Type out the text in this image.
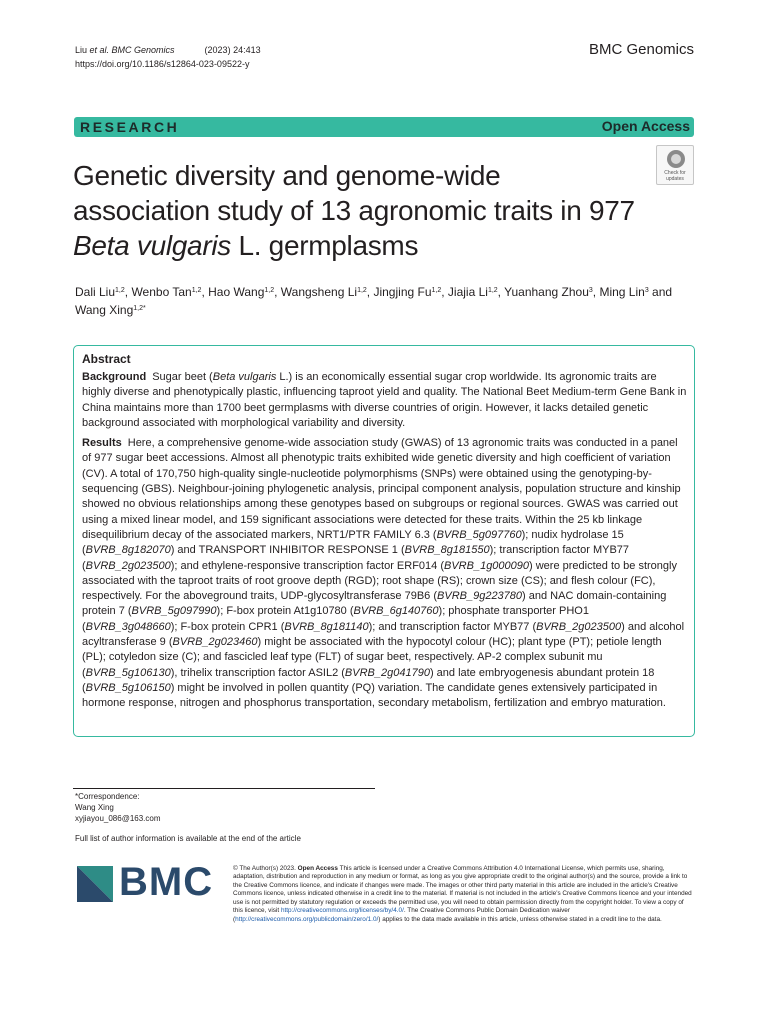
Liu et al. BMC Genomics	(2023) 24:413
https://doi.org/10.1186/s12864-023-09522-y
BMC Genomics
RESEARCH	Open Access
Check for
updates
Genetic diversity and genome-wide
association study of 13 agronomic traits in 977
Beta vulgaris L. germplasms
Dali Liu$^{1,2}$, Wenbo Tan$^{1,2}$, Hao Wang$^{1,2}$, Wangsheng Li$^{1,2}$, Jingjing Fu$^{1,2}$, Jiajia Li$^{1,2}$, Yuanhang Zhou$^3$, Ming Lin$^3$ and Wang Xing$^{1,2*}$
Abstract

Background Sugar beet (Beta vulgaris L.) is an economically essential sugar crop worldwide. Its agronomic traits are highly diverse and phenotypically plastic, influencing taproot yield and quality. The National Beet Medium-term Gene Bank in China maintains more than 1700 beet germplasms with diverse countries of origin. However, it lacks detailed genetic background associated with morphological variability and diversity.

Results Here, a comprehensive genome-wide association study (GWAS) of 13 agronomic traits was conducted in a panel of 977 sugar beet accessions. Almost all phenotypic traits exhibited wide genetic diversity and high coefficient of variation (CV). A total of 170,750 high-quality single-nucleotide polymorphisms (SNPs) were obtained using the genotyping-by-sequencing (GBS). Neighbour-joining phylogenetic analysis, principal component analysis, population structure and kinship showed no obvious relationships among these genotypes based on subgroups or regional sources. GWAS was carried out using a mixed linear model, and 159 significant associations were detected for these traits. Within the 25 kb linkage disequilibrium decay of the associated markers, NRT1/PTR FAMILY 6.3 (BVRB_5g097760); nudix hydrolase 15 (BVRB_8g182070) and TRANSPORT INHIBITOR RESPONSE 1 (BVRB_8g181550); transcription factor MYB77 (BVRB_2g023500); and ethylene-responsive transcription factor ERF014 (BVRB_1g000090) were predicted to be strongly associated with the taproot traits of root groove depth (RGD); root shape (RS); crown size (CS); and flesh colour (FC), respectively. For the aboveground traits, UDP-glycosyltransferase 79B6 (BVRB_9g223780) and NAC domain-containing protein 7 (BVRB_5g097990); F-box protein At1g10780 (BVRB_6g140760); phosphate transporter PHO1 (BVRB_3g048660); F-box protein CPR1 (BVRB_8g181140); and transcription factor MYB77 (BVRB_2g023500) and alcohol acyltransferase 9 (BVRB_2g023460) might be associated with the hypocotyl colour (HC); plant type (PT); petiole length (PL); cotyledon size (C); and fascicled leaf type (FLT) of sugar beet, respectively. AP-2 complex subunit mu (BVRB_5g106130), trihelix transcription factor ASIL2 (BVRB_2g041790) and late embryogenesis abundant protein 18 (BVRB_5g106150) might be involved in pollen quantity (PQ) variation. The candidate genes extensively participated in hormone response, nitrogen and phosphorus transportation, secondary metabolism, fertilization and embryo maturation.

*Correspondence:
Wang Xing
xyjiayou_086@163.com
Full list of author information is available at the end of the article
BMC	© The Author(s) 2023. Open Access This article is licensed under a Creative Commons Attribution 4.0 International License, which permits use, sharing, adaptation, distribution and reproduction in any medium or format, as long as you give appropriate credit to the original author(s) and the source, provide a link to the Creative Commons licence, and indicate if changes were made. The images or other third party material in this article are included in the article's Creative Commons licence, unless indicated otherwise in a credit line to the material. If material is not included in the article's Creative Commons licence and your intended use is not permitted by statutory regulation or exceeds the permitted use, you will need to obtain permission directly from the copyright holder. To view a copy of this licence, visit http://creativecommons.org/licenses/by/4.0/. The Creative Commons Public Domain Dedication waiver (http://creativecommons.org/publicdomain/zero/1.0/) applies to the data made available in this article, unless otherwise stated in a credit line to the data.
